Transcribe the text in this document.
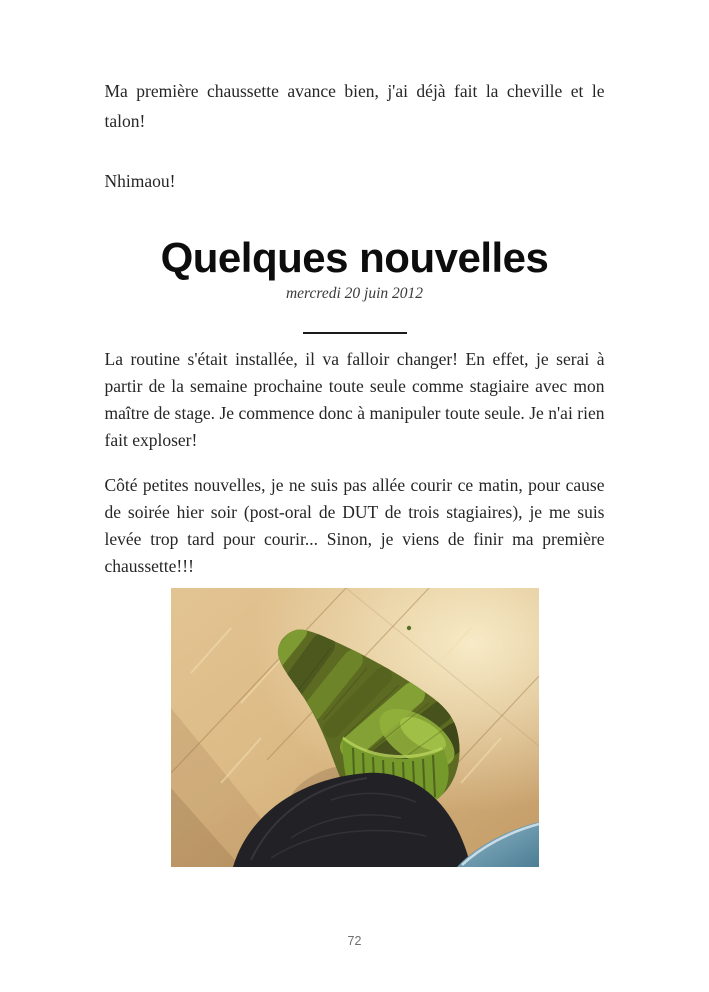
Ma première chaussette avance bien, j'ai déjà fait la cheville et le talon!

Nhimaou!

Quelques nouvelles
mercredi 20 juin 2012

La routine s'était installée, il va falloir changer! En effet, je serai à partir de la semaine prochaine toute seule comme stagiaire avec mon maître de stage. Je commence donc à manipuler toute seule. Je n'ai rien fait exploser!

Côté petites nouvelles, je ne suis pas allée courir ce matin, pour cause de soirée hier soir (post-oral de DUT de trois stagiaires), je me suis levée trop tard pour courir... Sinon, je viens de finir ma première chaussette!!!

72
